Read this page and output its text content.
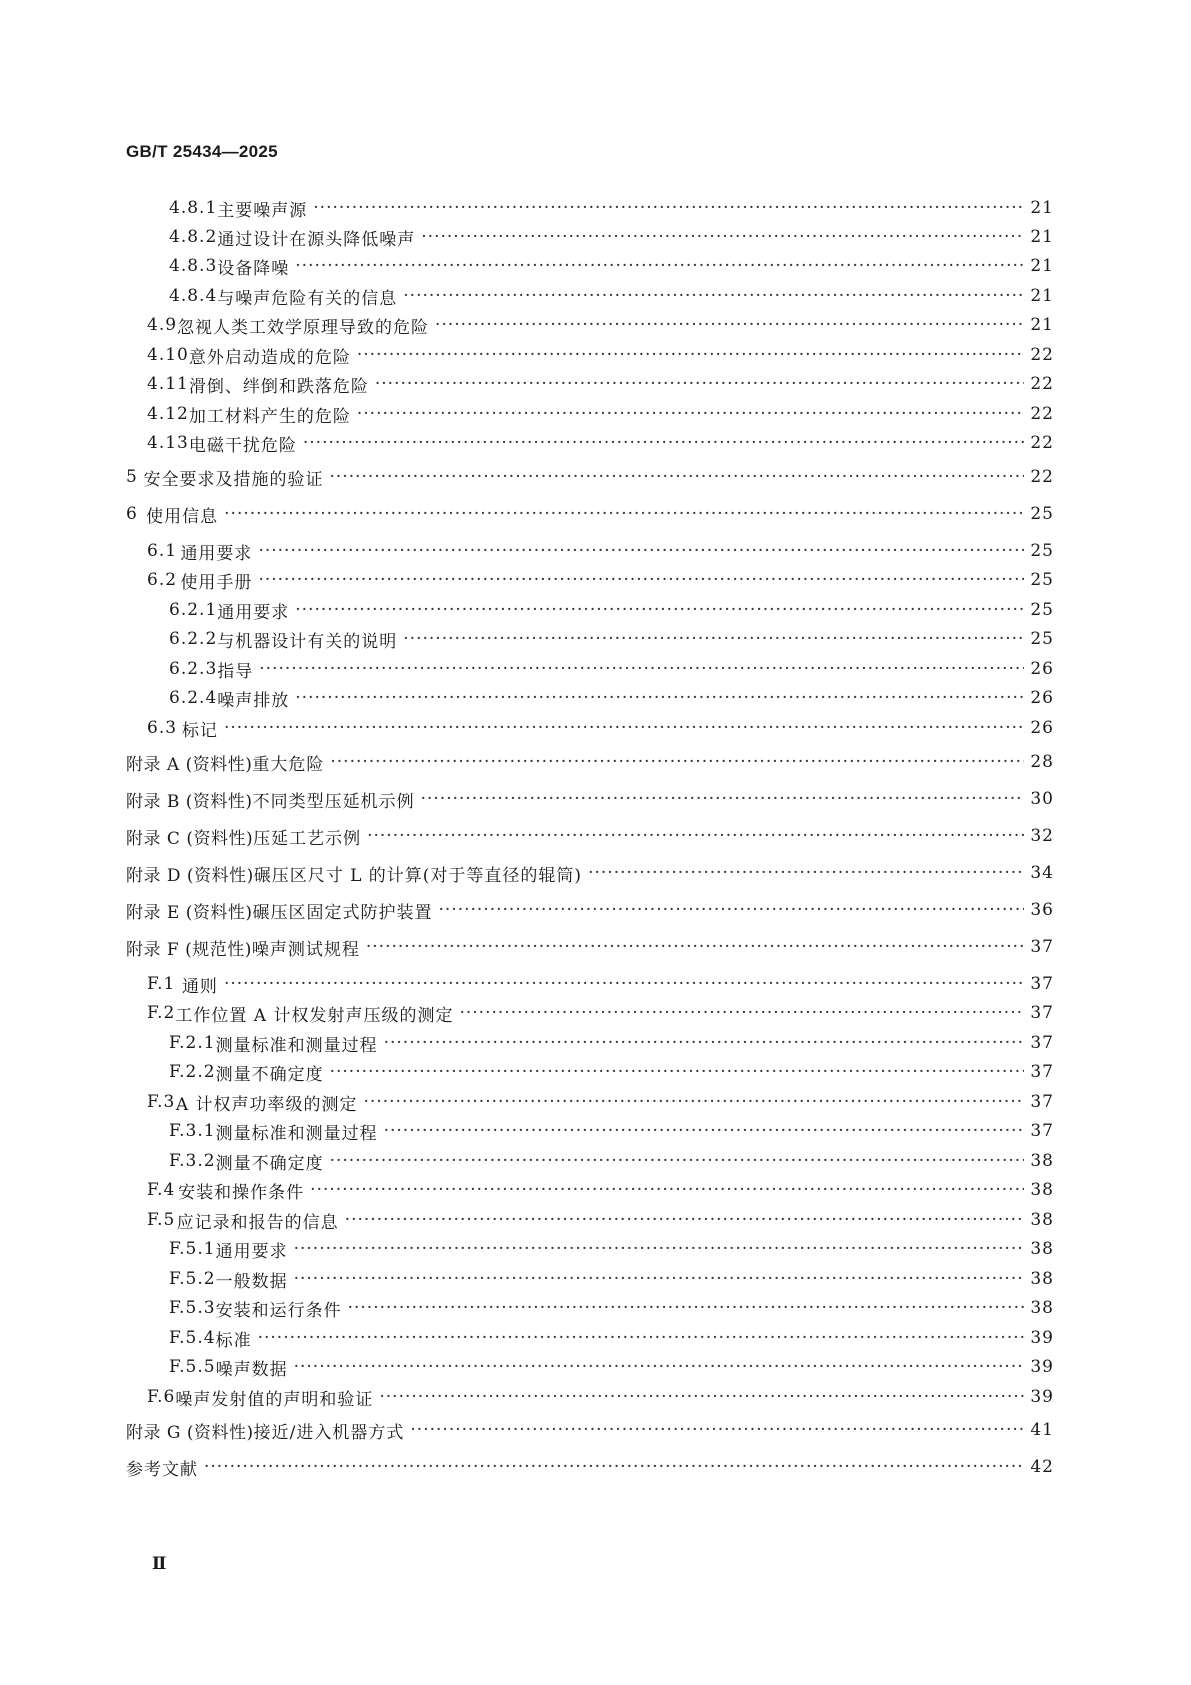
GB/T 25434—2025
4.8.1 主要噪声源 ·····	21
4.8.2 通过设计在源头降低噪声 ·····	21
4.8.3 设备降噪 ·····	21
4.8.4 与噪声危险有关的信息 ·····	21
4.9 忽视人类工效学原理导致的危险 ·····	21
4.10 意外启动造成的危险 ·····	22
4.11 滑倒、绊倒和跌落危险 ·····	22
4.12 加工材料产生的危险 ·····	22
4.13 电磁干扰危险 ·····	22
5 安全要求及措施的验证 ·····	22
6 使用信息 ·····	25
6.1 通用要求 ·····	25
6.2 使用手册 ·····	25
6.2.1 通用要求 ·····	25
6.2.2 与机器设计有关的说明 ·····	25
6.2.3 指导 ·····	26
6.2.4 噪声排放 ·····	26
6.3 标记 ·····	26
附录 A (资料性) 重大危险 ·····	28
附录 B (资料性) 不同类型压延机示例 ·····	30
附录 C (资料性) 压延工艺示例 ·····	32
附录 D (资料性) 碾压区尺寸 L 的计算(对于等直径的辊筒) ·····	34
附录 E (资料性) 碾压区固定式防护装置 ·····	36
附录 F (规范性) 噪声测试规程 ·····	37
F.1 通则 ·····	37
F.2 工作位置 A 计权发射声压级的测定 ·····	37
F.2.1 测量标准和测量过程 ·····	37
F.2.2 测量不确定度 ·····	37
F.3 A 计权声功率级的测定 ·····	37
F.3.1 测量标准和测量过程 ·····	37
F.3.2 测量不确定度 ·····	38
F.4 安装和操作条件 ·····	38
F.5 应记录和报告的信息 ·····	38
F.5.1 通用要求 ·····	38
F.5.2 一般数据 ·····	38
F.5.3 安装和运行条件 ·····	38
F.5.4 标准 ·····	39
F.5.5 噪声数据 ·····	39
F.6 噪声发射值的声明和验证 ·····	39
附录 G (资料性) 接近/进入机器方式 ·····	41
参考文献 ·····	42
Ⅱ
